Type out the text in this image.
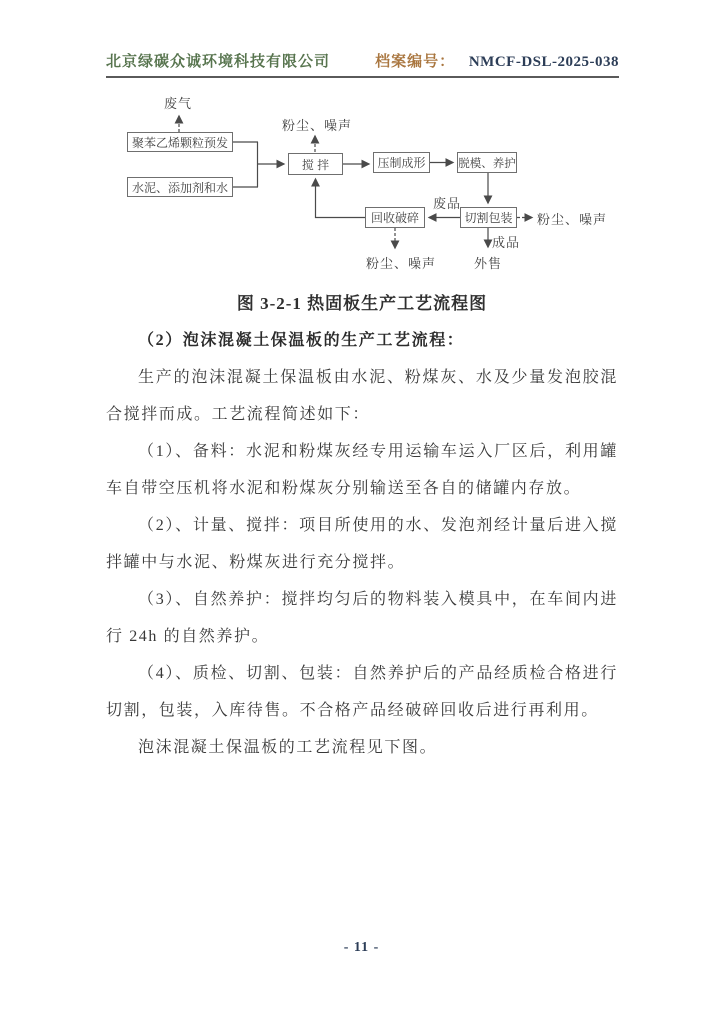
北京绿碳众诚环境科技有限公司	档案编号： NMCF-DSL-2025-038
聚苯乙烯颗粒预发
水泥、添加剂和水
搅 拌	压制成形	脱模、养护
回收破碎	切割包装
废气
粉尘、噪声
废品
粉尘、噪声
粉尘、噪声
成品
外售
图 3-2-1 热固板生产工艺流程图

（2）泡沫混凝土保温板的生产工艺流程：

生产的泡沫混凝土保温板由水泥、粉煤灰、水及少量发泡胶混合搅拌而成。工艺流程简述如下：

（1）、备料：水泥和粉煤灰经专用运输车运入厂区后，利用罐车自带空压机将水泥和粉煤灰分别输送至各自的储罐内存放。

（2）、计量、搅拌：项目所使用的水、发泡剂经计量后进入搅拌罐中与水泥、粉煤灰进行充分搅拌。

（3）、自然养护：搅拌均匀后的物料装入模具中，在车间内进行 24h 的自然养护。

（4）、质检、切割、包装：自然养护后的产品经质检合格进行切割，包装，入库待售。不合格产品经破碎回收后进行再利用。

泡沫混凝土保温板的工艺流程见下图。

- 11 -
